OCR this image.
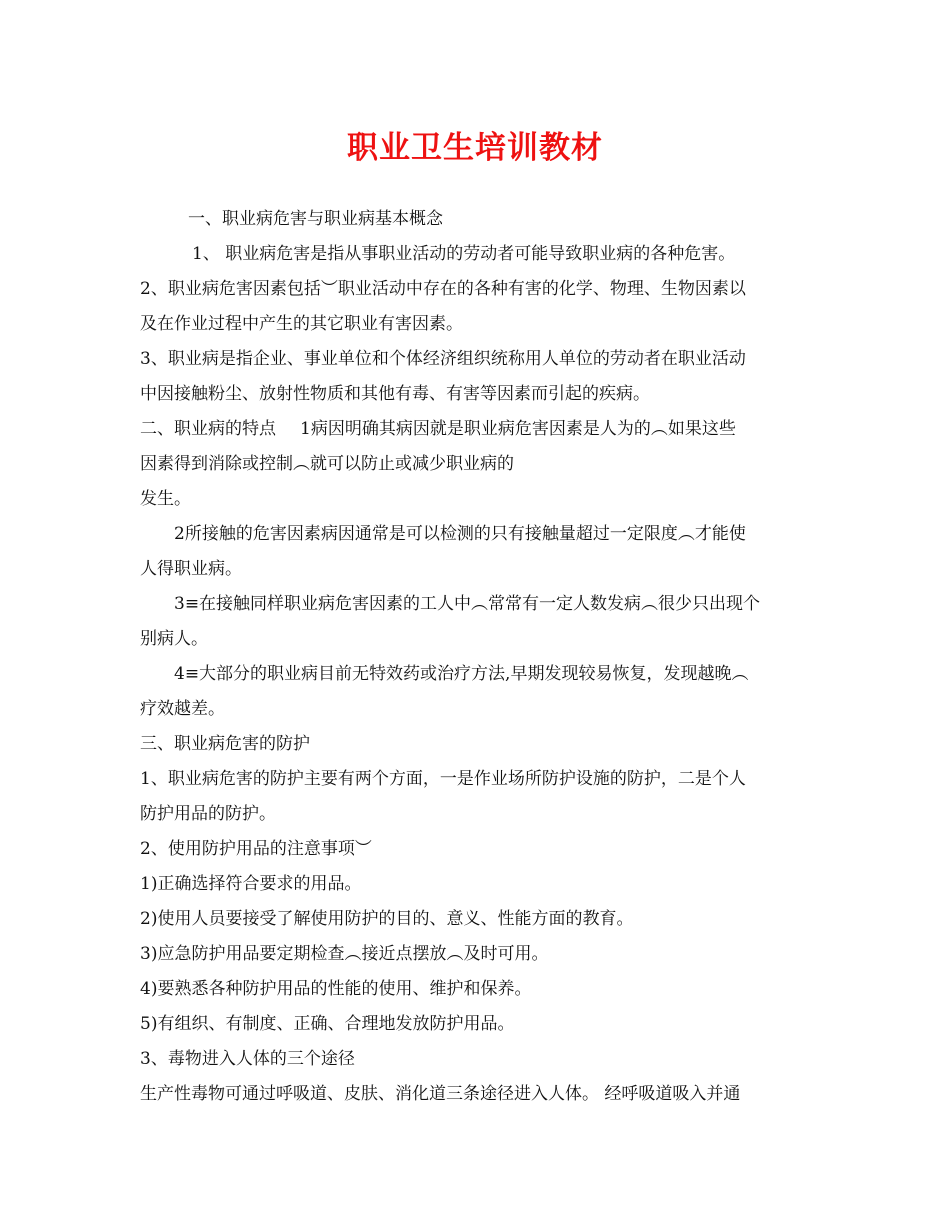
职业卫生培训教材
一、职业病危害与职业病基本概念
1、 职业病危害是指从事职业活动的劳动者可能导致职业病的各种危害。
2、职业病危害因素包括︶职业活动中存在的各种有害的化学、物理、生物因素以
及在作业过程中产生的其它职业有害因素。
3、职业病是指企业、事业单位和个体经济组织统称用人单位的劳动者在职业活动
中因接触粉尘、放射性物质和其他有毒、有害等因素而引起的疾病。
二、职业病的特点 1病因明确其病因就是职业病危害因素是人为的︵如果这些
因素得到消除或控制︵就可以防止或减少职业病的
发生。
2所接触的危害因素病因通常是可以检测的只有接触量超过一定限度︵才能使
人得职业病。
3≡在接触同样职业病危害因素的工人中︵常常有一定人数发病︵很少只出现个
别病人。
4≡大部分的职业病目前无特效药或治疗方法,早期发现较易恢复，发现越晚︵
疗效越差。
三、职业病危害的防护
1、职业病危害的防护主要有两个方面，一是作业场所防护设施的防护，二是个人
防护用品的防护。
2、使用防护用品的注意事项︶
1)正确选择符合要求的用品。
2)使用人员要接受了解使用防护的目的、意义、性能方面的教育。
3)应急防护用品要定期检查︵接近点摆放︵及时可用。
4)要熟悉各种防护用品的性能的使用、维护和保养。
5)有组织、有制度、正确、合理地发放防护用品。
3、毒物进入人体的三个途径
生产性毒物可通过呼吸道、皮肤、消化道三条途径进入人体。 经呼吸道吸入并通
